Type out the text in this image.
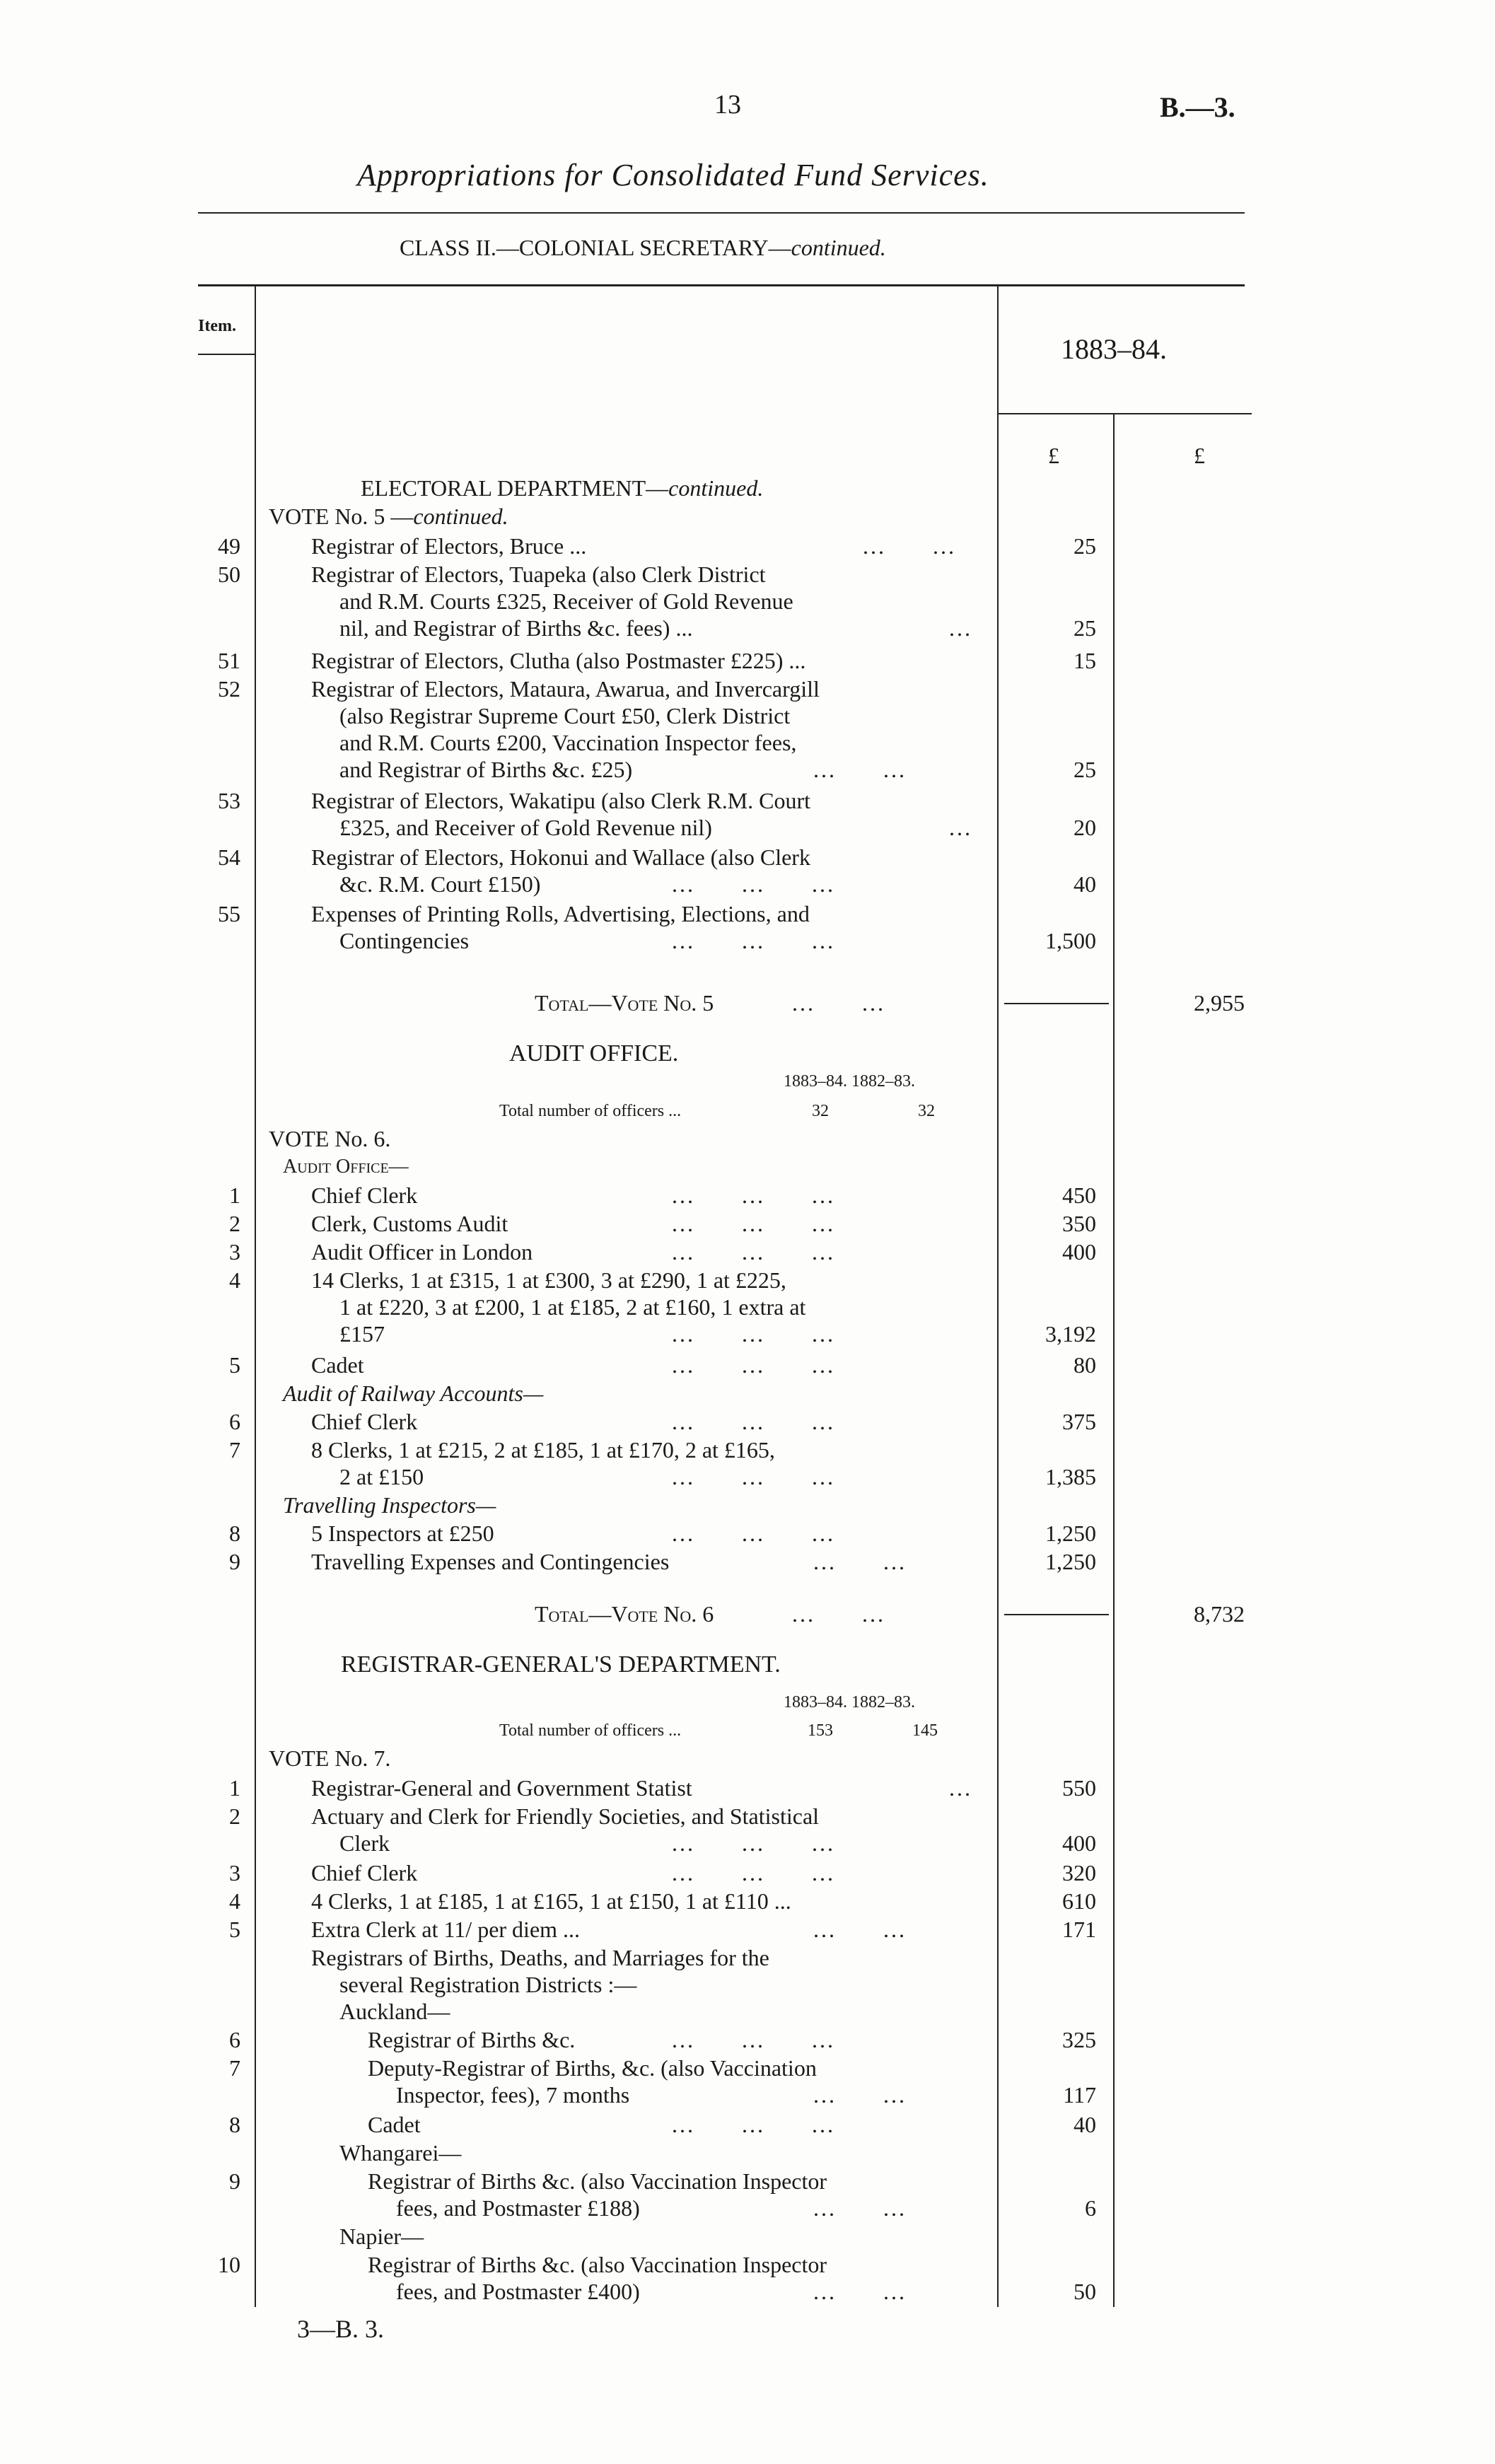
13	B.—3.
Appropriations for Consolidated Fund Services.
CLASS II.—COLONIAL SECRETARY—continued.
Item.
1883–84.
£	£
ELECTORAL DEPARTMENT—continued.
VOTE No. 5 —continued.
49	Registrar of Electors, Bruce ...	...      ...	25
50	Registrar of Electors, Tuapeka (also Clerk District
and R.M. Courts £325, Receiver of Gold Revenue
nil, and Registrar of Births &c. fees) ...	...	25
51	Registrar of Electors, Clutha (also Postmaster £225) ...	15
52	Registrar of Electors, Mataura, Awarua, and Invercargill
(also Registrar Supreme Court £50, Clerk District
and R.M. Courts £200, Vaccination Inspector fees,
and Registrar of Births &c. £25)	...      ...	25
53	Registrar of Electors, Wakatipu (also Clerk R.M. Court
£325, and Receiver of Gold Revenue nil)	...	20
54	Registrar of Electors, Hokonui and Wallace (also Clerk
&c. R.M. Court £150)	...      ...      ...	40
55	Expenses of Printing Rolls, Advertising, Elections, and
Contingencies	...      ...      ...	1,500
Total—Vote No. 5	...      ...	2,955
AUDIT OFFICE.
1883–84. 1882–83.
Total number of officers ...	32	32
VOTE No. 6.
Audit Office—
Audit of Railway Accounts—
Travelling Inspectors—
1	Chief Clerk	...      ...      ...	450
2	Clerk, Customs Audit	...      ...      ...	350
3	Audit Officer in London	...      ...      ...	400
4	14 Clerks, 1 at £315, 1 at £300, 3 at £290, 1 at £225,
1 at £220, 3 at £200, 1 at £185, 2 at £160, 1 extra at
£157	...      ...      ...	3,192
5	Cadet	...      ...      ...	80
6	Chief Clerk	...      ...      ...	375
7	8 Clerks, 1 at £215, 2 at £185, 1 at £170, 2 at £165,
2 at £150	...      ...      ...	1,385
8	5 Inspectors at £250	...      ...      ...	1,250
9	Travelling Expenses and Contingencies	...      ...	1,250
Total—Vote No. 6	...      ...	8,732
REGISTRAR-GENERAL'S DEPARTMENT.
1883–84. 1882–83.
Total number of officers ...	153	145
VOTE No. 7.
Registrars of Births, Deaths, and Marriages for the
several Registration Districts :—
Auckland—
Whangarei—
Napier—
1	Registrar-General and Government Statist	...	550
2	Actuary and Clerk for Friendly Societies, and Statistical
Clerk	...      ...      ...	400
3	Chief Clerk	...      ...      ...	320
4	4 Clerks, 1 at £185, 1 at £165, 1 at £150, 1 at £110 ...	610
5	Extra Clerk at 11/ per diem ...	...      ...	171
6	Registrar of Births &c.	...      ...      ...	325
7	Deputy-Registrar of Births, &c. (also Vaccination
Inspector, fees), 7 months	...      ...	117
8	Cadet	...      ...      ...	40
9	Registrar of Births &c. (also Vaccination Inspector
fees, and Postmaster £188)	...      ...	6
10	Registrar of Births &c. (also Vaccination Inspector
fees, and Postmaster £400)	...      ...	50
3—B. 3.
